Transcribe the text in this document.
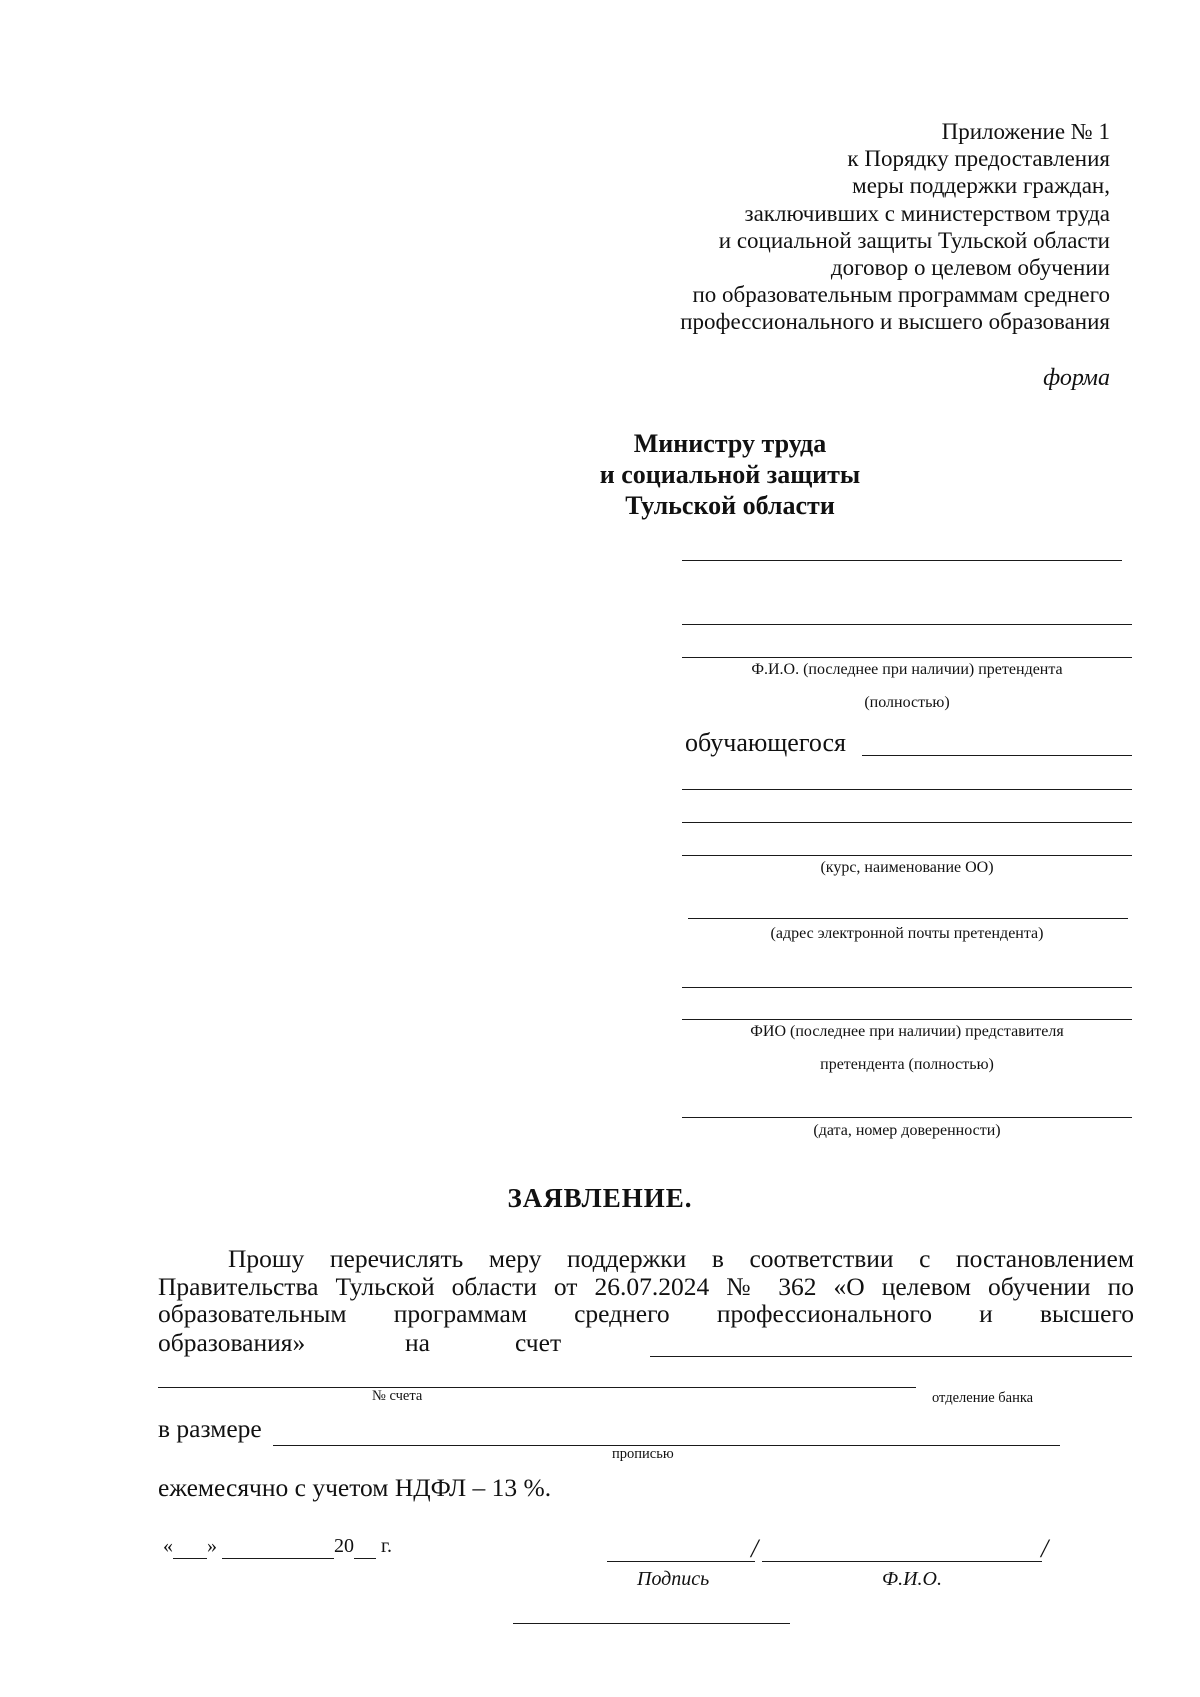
Приложение № 1
к Порядку предоставления
меры поддержки граждан,
заключивших с министерством труда
и социальной защиты Тульской области
договор о целевом обучении
по образовательным программам среднего
профессионального и высшего образования
форма
Министру труда
и социальной защиты
Тульской области
Ф.И.О. (последнее при наличии) претендента
(полностью)
обучающегося
(курс, наименование ОО)
(адрес электронной почты претендента)
ФИО (последнее при наличии) представителя
претендента (полностью)
(дата, номер доверенности)
ЗАЯВЛЕНИЕ.
Прошу перечислять меру поддержки в соответствии с постановлением
Правительства Тульской области от 26.07.2024 № 362 «О целевом обучении по
образовательным программам среднего профессионального и высшего
образования»	на	счет
№ счета	отделение банка
в размере
прописью
ежемесячно с учетом НДФЛ – 13 %.
« »	20 г.	/	/
Подпись	Ф.И.О.
